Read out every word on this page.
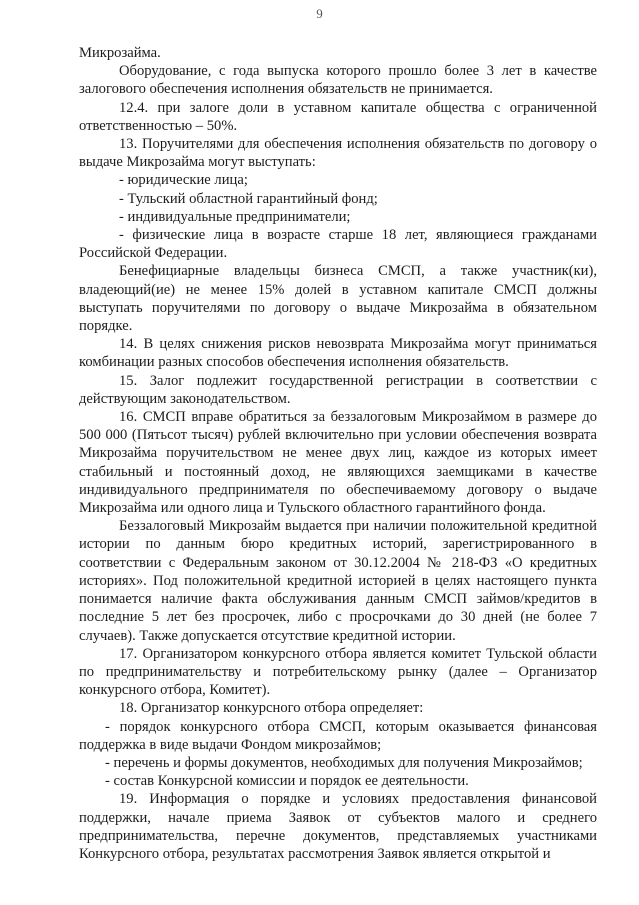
9

Микрозайма.

Оборудование, с года выпуска которого прошло более 3 лет в качестве залогового обеспечения исполнения обязательств не принимается.

12.4. при залоге доли в уставном капитале общества с ограниченной ответственностью – 50%.

13. Поручителями для обеспечения исполнения обязательств по договору о выдаче Микрозайма могут выступать:

- юридические лица;

- Тульский областной гарантийный фонд;

- индивидуальные предприниматели;

- физические лица в возрасте старше 18 лет, являющиеся гражданами Российской Федерации.

Бенефициарные владельцы бизнеса СМСП, а также участник(ки), владеющий(ие) не менее 15% долей в уставном капитале СМСП должны выступать поручителями по договору о выдаче Микрозайма в обязательном порядке.

14. В целях снижения рисков невозврата Микрозайма могут приниматься комбинации разных способов обеспечения исполнения обязательств.

15. Залог подлежит государственной регистрации в соответствии с действующим законодательством.

16. СМСП вправе обратиться за беззалоговым Микрозаймом в размере до 500 000 (Пятьсот тысяч) рублей включительно при условии обеспечения возврата Микрозайма поручительством не менее двух лиц, каждое из которых имеет стабильный и постоянный доход, не являющихся заемщиками в качестве индивидуального предпринимателя по обеспечиваемому договору о выдаче Микрозайма или одного лица и Тульского областного гарантийного фонда.

Беззалоговый Микрозайм выдается при наличии положительной кредитной истории по данным бюро кредитных историй, зарегистрированного в соответствии с Федеральным законом от 30.12.2004 № 218-ФЗ «О кредитных историях». Под положительной кредитной историей в целях настоящего пункта понимается наличие факта обслуживания данным СМСП займов/кредитов в последние 5 лет без просрочек, либо с просрочками до 30 дней (не более 7 случаев). Также допускается отсутствие кредитной истории.

17. Организатором конкурсного отбора является комитет Тульской области по предпринимательству и потребительскому рынку (далее – Организатор конкурсного отбора, Комитет).

18. Организатор конкурсного отбора определяет:

- порядок конкурсного отбора СМСП, которым оказывается финансовая поддержка в виде выдачи Фондом микрозаймов;

- перечень и формы документов, необходимых для получения Микрозаймов;

- состав Конкурсной комиссии и порядок ее деятельности.

19. Информация о порядке и условиях предоставления финансовой поддержки, начале приема Заявок от субъектов малого и среднего предпринимательства, перечне документов, представляемых участниками Конкурсного отбора, результатах рассмотрения Заявок является открытой и
